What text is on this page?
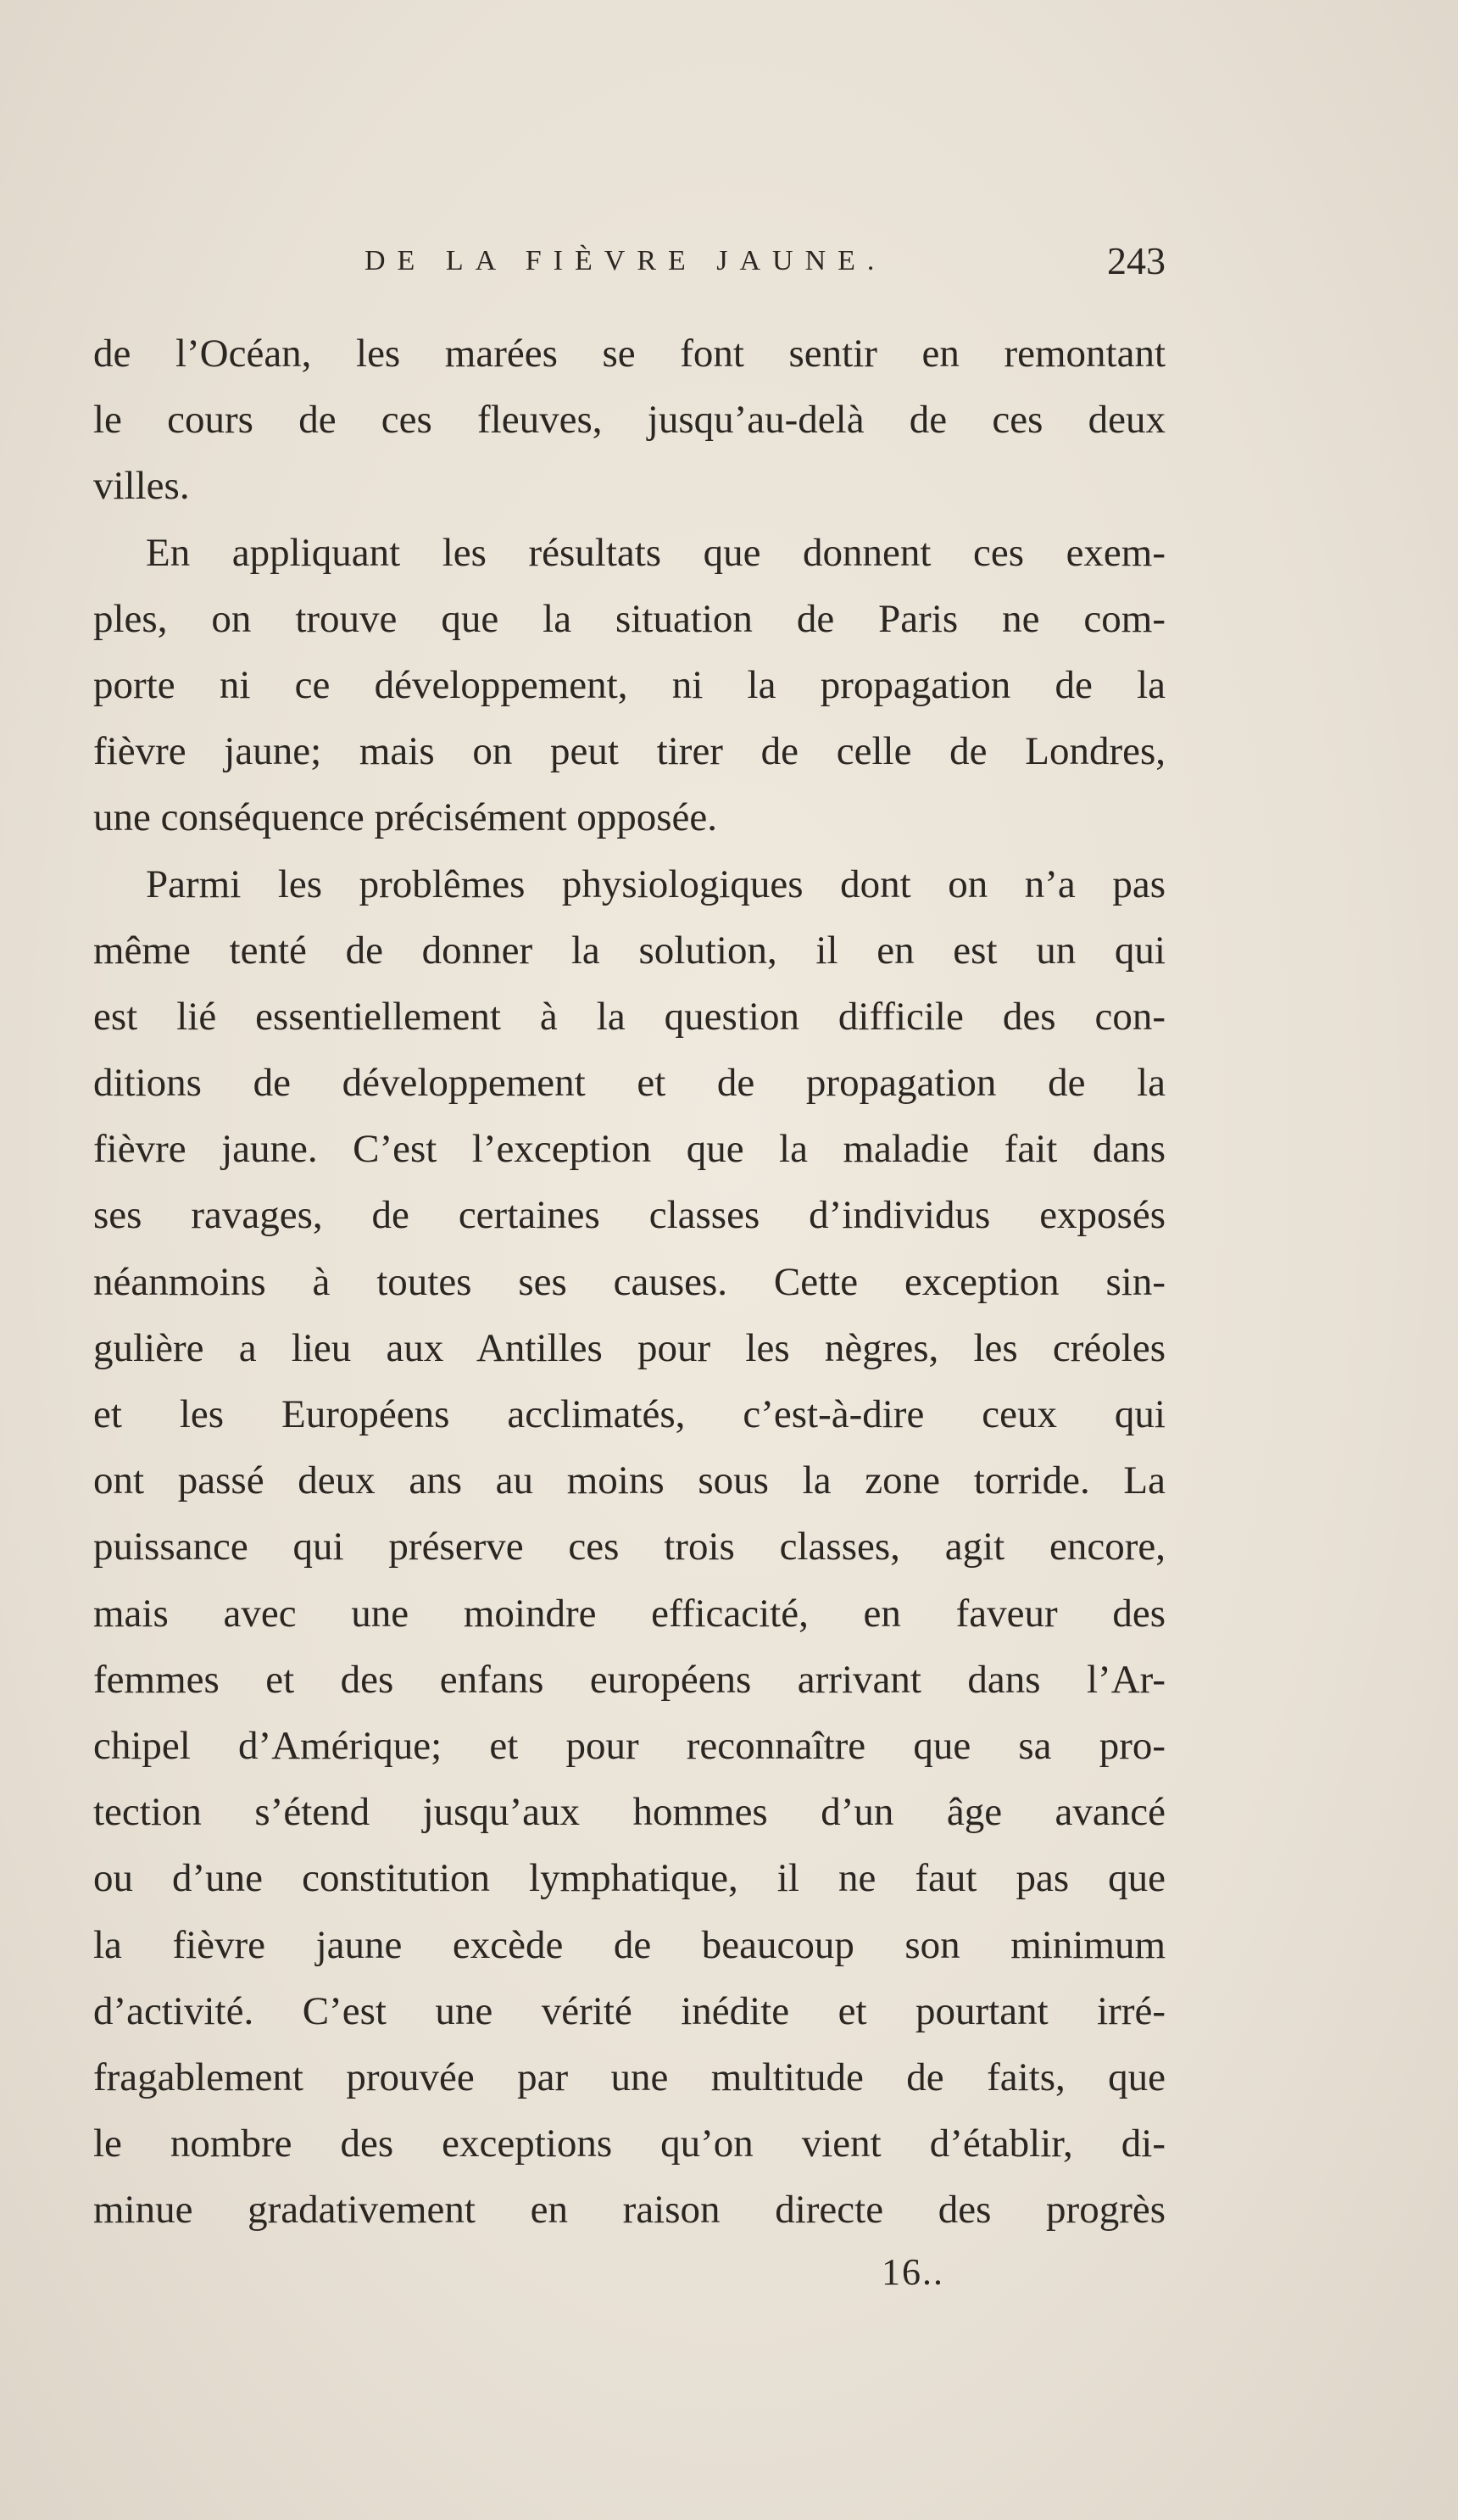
DE LA FIÈVRE JAUNE.	243
de l’Océan, les marées se font sentir en remontant
le cours de ces fleuves, jusqu’au-delà de ces deux
villes.
En appliquant les résultats que donnent ces exem-
ples, on trouve que la situation de Paris ne com-
porte ni ce développement, ni la propagation de la
fièvre jaune; mais on peut tirer de celle de Londres,
une conséquence précisément opposée.
Parmi les problêmes physiologiques dont on n’a pas
même tenté de donner la solution, il en est un qui
est lié essentiellement à la question difficile des con-
ditions de développement et de propagation de la
fièvre jaune. C’est l’exception que la maladie fait dans
ses ravages, de certaines classes d’individus exposés
néanmoins à toutes ses causes. Cette exception sin-
gulière a lieu aux Antilles pour les nègres, les créoles
et les Européens acclimatés, c’est-à-dire ceux qui
ont passé deux ans au moins sous la zone torride. La
puissance qui préserve ces trois classes, agit encore,
mais avec une moindre efficacité, en faveur des
femmes et des enfans européens arrivant dans l’Ar-
chipel d’Amérique; et pour reconnaître que sa pro-
tection s’étend jusqu’aux hommes d’un âge avancé
ou d’une constitution lymphatique, il ne faut pas que
la fièvre jaune excède de beaucoup son minimum
d’activité. C’est une vérité inédite et pourtant irré-
fragablement prouvée par une multitude de faits, que
le nombre des exceptions qu’on vient d’établir, di-
minue gradativement en raison directe des progrès
16..
